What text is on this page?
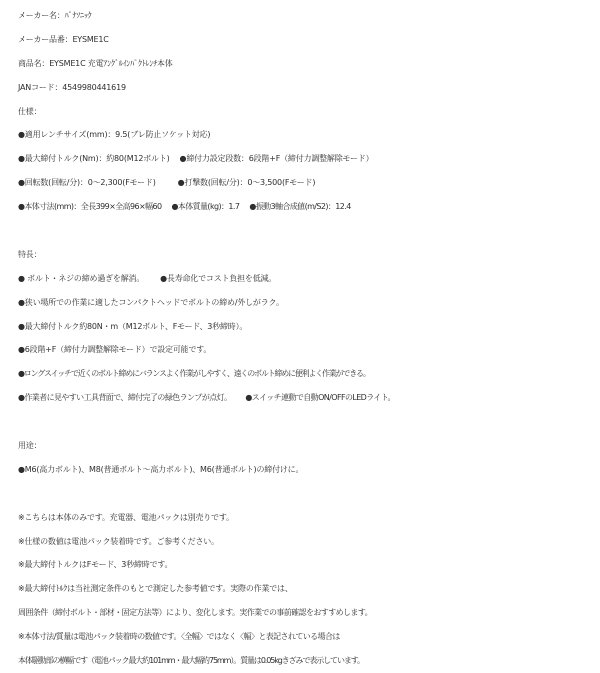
メーカー名：ﾊﾟﾅｿﾆｯｸ
メーカー品番：EYSME1C
商品名：EYSME1C 充電ｱﾝｸﾞﾙｲﾝﾊﾟｸﾄﾚﾝﾁ本体
JANコード：4549980441619
仕様：
●適用レンチサイズ(mm)：9.5(ブレ防止ソケット対応)
●最大締付トルク(Nm)：約80(M12ボルト) ●締付力設定段数：6段階+F（締付力調整解除モード）
●回転数(回転/分)：0～2,300(Fモード)	●打撃数(回転/分)：0～3,500(Fモード)
●本体寸法(mm)：全長399×全高96×幅60 ●本体質量(kg)：1.7 ●振動3軸合成値(m/S2)：12.4
特長：
● ボルト・ネジの締め過ぎを解消。 ●長寿命化でコスト負担を低減。
●狭い場所での作業に適したコンパクトヘッドでボルトの締め/外しがラク。
●最大締付トルク約80N・m（M12ボルト、Fモード、3秒締時）。
●6段階+F（締付力調整解除モード）で設定可能です。
●ロングスイッチで近くのボルト締めにバランスよく作業がしやすく、遠くのボルト締めに便利よく作業ができる。
●作業者に見やすい工具背面で、締付完了の緑色ランプが点灯。 ●スイッチ連動で自動ON/OFFのLEDライト。
用途：
●M6(高力ボルト)、M8(普通ボルト～高力ボルト)、M6(普通ボルト)の締付けに。
※こちらは本体のみです。充電器、電池パックは別売りです。
※仕様の数値は電池パック装着時です。ご参考ください。
※最大締付トルクはFモード、3秒締時です。
※最大締付ﾄﾙｸは当社測定条件のもとで測定した参考値です。実際の作業では、
周囲条件（締付ボルト・部材・固定方法等）により、変化します。実作業での事前確認をおすすめします。
※本体寸法/質量は電池パック装着時の数値です。〈全幅〉ではなく〈幅〉と表記されている場合は
本体駆動部の横幅です（電池パック最大約101mm・最大幅約75mm）。質量は0.05kgきざみで表示しています。
